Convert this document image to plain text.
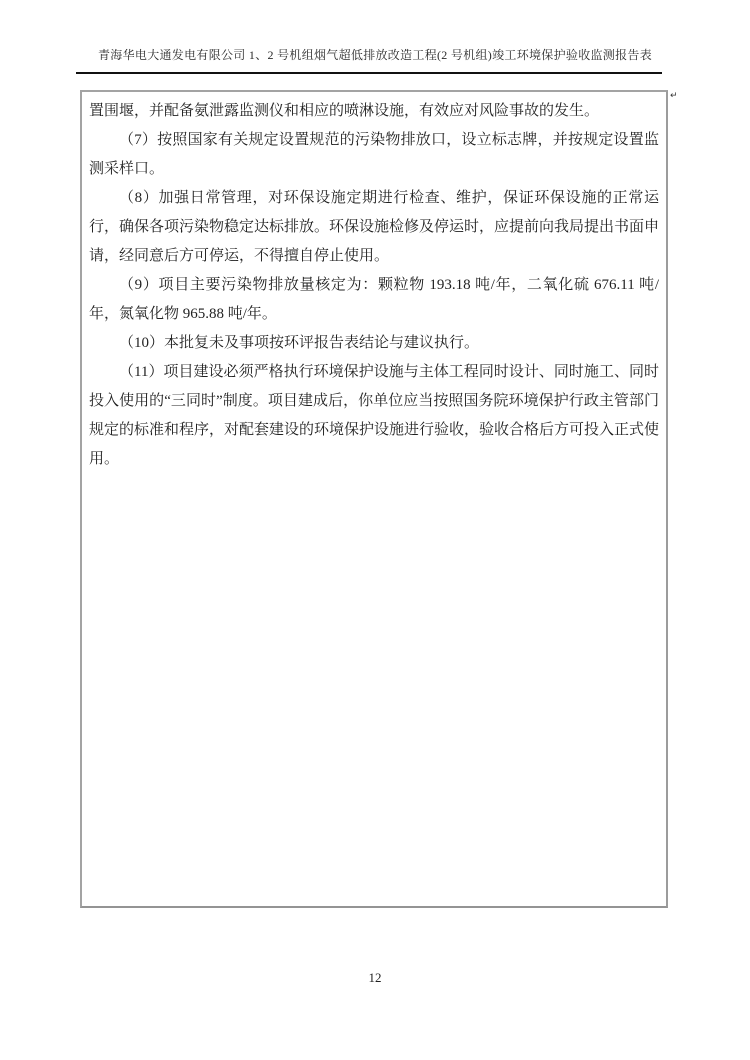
青海华电大通发电有限公司 1、2 号机组烟气超低排放改造工程(2 号机组)竣工环境保护验收监测报告表

置围堰，并配备氨泄露监测仪和相应的喷淋设施，有效应对风险事故的发生。

（7）按照国家有关规定设置规范的污染物排放口，设立标志牌，并按规定设置监测采样口。

（8）加强日常管理，对环保设施定期进行检查、维护，保证环保设施的正常运行，确保各项污染物稳定达标排放。环保设施检修及停运时，应提前向我局提出书面申请，经同意后方可停运，不得擅自停止使用。

（9）项目主要污染物排放量核定为：颗粒物 193.18 吨/年，二氧化硫 676.11 吨/年，氮氧化物 965.88 吨/年。

（10）本批复未及事项按环评报告表结论与建议执行。

（11）项目建设必须严格执行环境保护设施与主体工程同时设计、同时施工、同时投入使用的“三同时”制度。项目建成后，你单位应当按照国务院环境保护行政主管部门规定的标准和程序，对配套建设的环境保护设施进行验收，验收合格后方可投入正式使用。

↵
12
